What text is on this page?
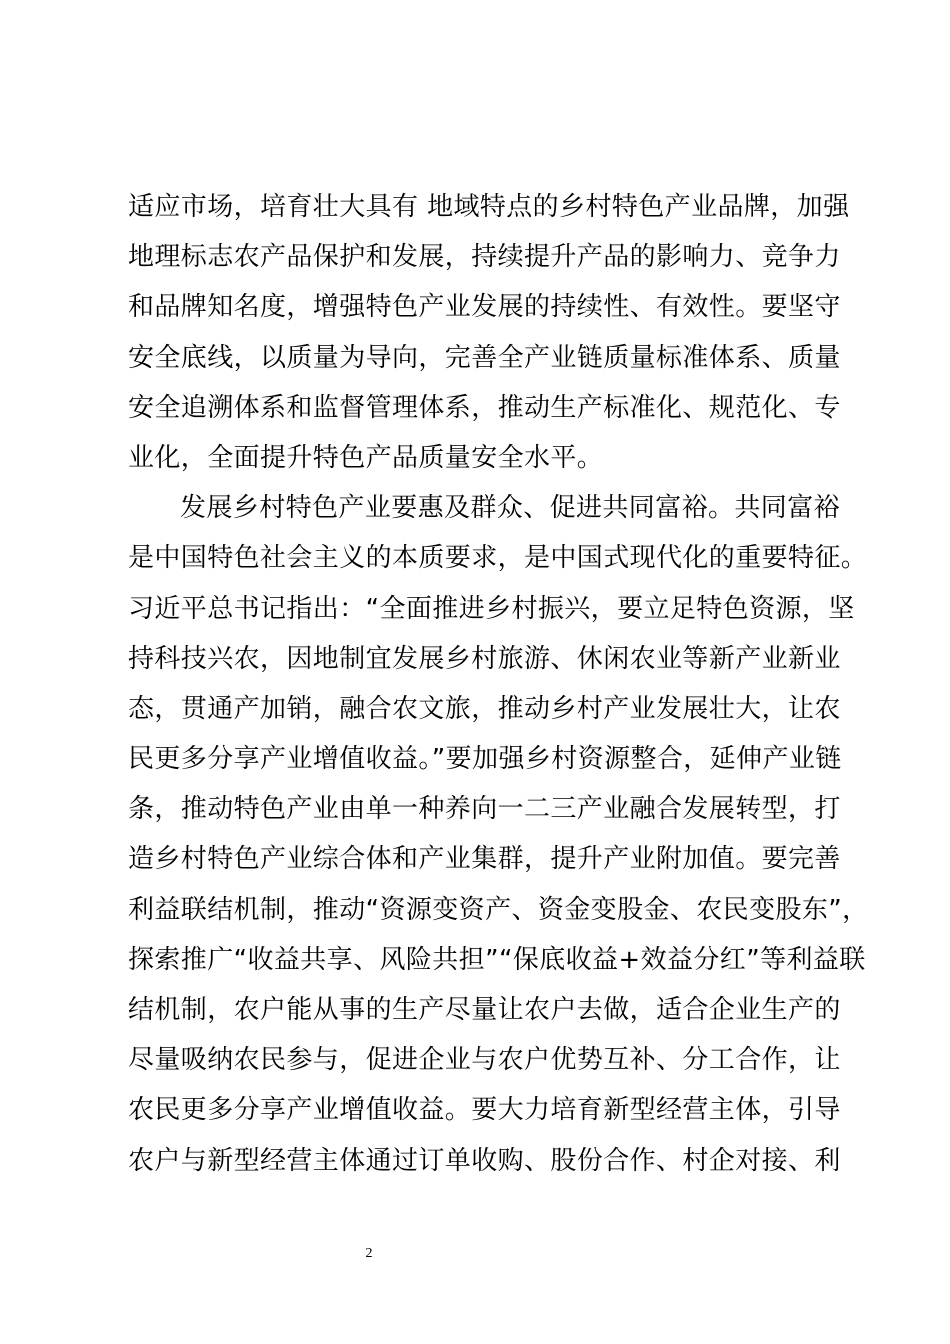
适应市场，培育壮大具有 地域特点的乡村特色产业品牌，加强
地理标志农产品保护和发展，持续提升产品的影响力、竞争力
和品牌知名度，增强特色产业发展的持续性、有效性。要坚守
安全底线，以质量为导向，完善全产业链质量标准体系、质量
安全追溯体系和监督管理体系，推动生产标准化、规范化、专
业化，全面提升特色产品质量安全水平。
发展乡村特色产业要惠及群众、促进共同富裕。共同富裕
是中国特色社会主义的本质要求，是中国式现代化的重要特征。
习近平总书记指出：“全面推进乡村振兴，要立足特色资源，坚
持科技兴农，因地制宜发展乡村旅游、休闲农业等新产业新业
态，贯通产加销，融合农文旅，推动乡村产业发展壮大，让农
民更多分享产业增值收益。”要加强乡村资源整合，延伸产业链
条，推动特色产业由单一种养向一二三产业融合发展转型，打
造乡村特色产业综合体和产业集群，提升产业附加值。要完善
利益联结机制，推动“资源变资产、资金变股金、农民变股东”，
探索推广“收益共享、风险共担”“保底收益+效益分红”等利益联
结机制，农户能从事的生产尽量让农户去做，适合企业生产的
尽量吸纳农民参与，促进企业与农户优势互补、分工合作，让
农民更多分享产业增值收益。要大力培育新型经营主体，引导
农户与新型经营主体通过订单收购、股份合作、村企对接、利
2
